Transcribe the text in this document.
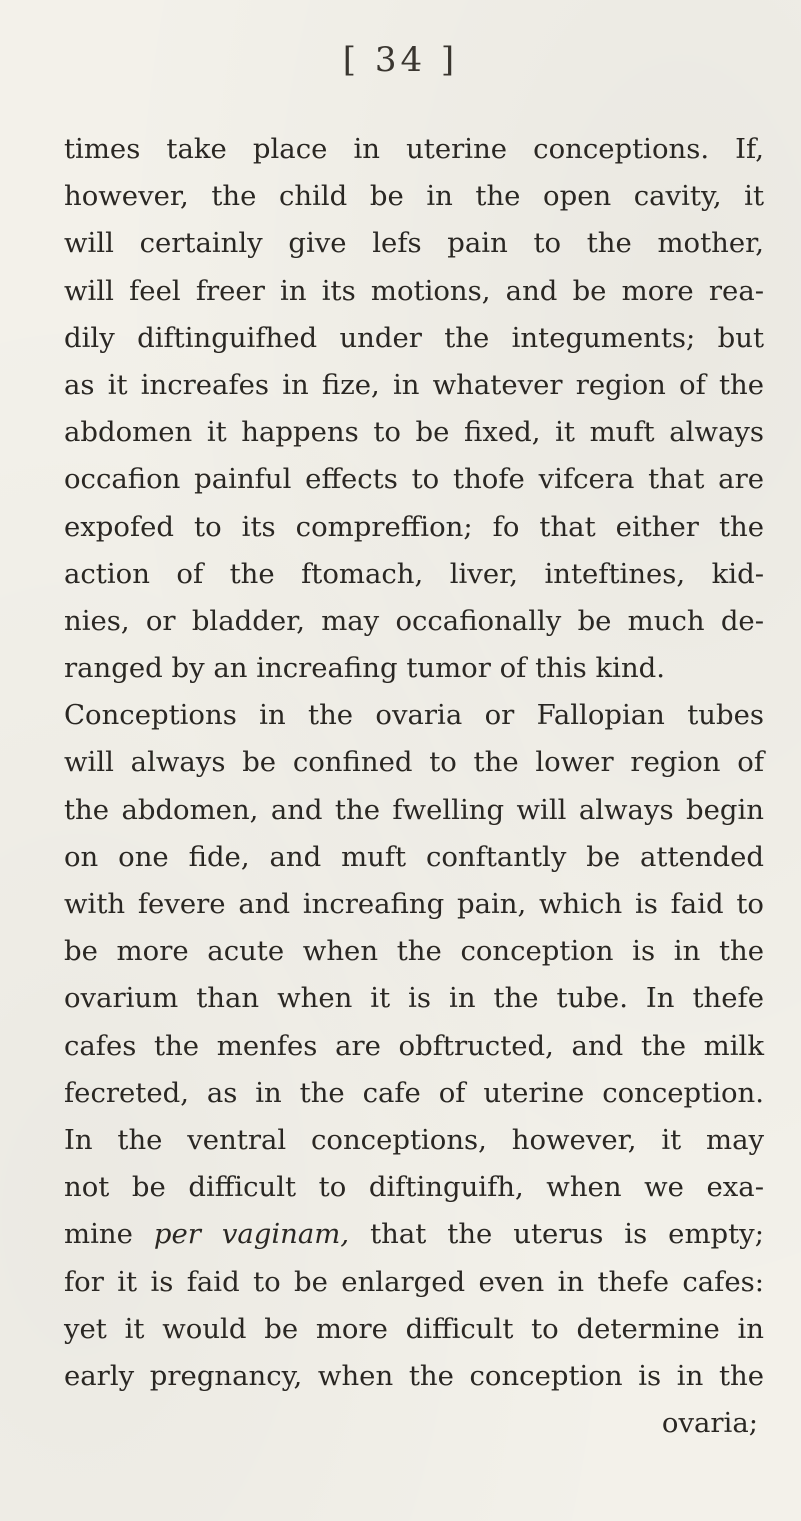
[ 34 ]
times take place in uterine conceptions. If,
however, the child be in the open cavity, it
will certainly give lefs pain to the mother,
will feel freer in its motions, and be more rea-
dily diftinguifhed under the integuments; but
as it increafes in fize, in whatever region of the
abdomen it happens to be fixed, it muft always
occafion painful effects to thofe vifcera that are
expofed to its compreffion; fo that either the
action of the ftomach, liver, inteftines, kid-
nies, or bladder, may occafionally be much de-
ranged by an increafing tumor of this kind.
Conceptions in the ovaria or Fallopian tubes
will always be confined to the lower region of
the abdomen, and the fwelling will always begin
on one fide, and muft conftantly be attended
with fevere and increafing pain, which is faid to
be more acute when the conception is in the
ovarium than when it is in the tube. In thefe
cafes the menfes are obftructed, and the milk
fecreted, as in the cafe of uterine conception.
In the ventral conceptions, however, it may
not be difficult to diftinguifh, when we exa-
mine per vaginam, that the uterus is empty;
for it is faid to be enlarged even in thefe cafes:
yet it would be more difficult to determine in
early pregnancy, when the conception is in the
ovaria;
